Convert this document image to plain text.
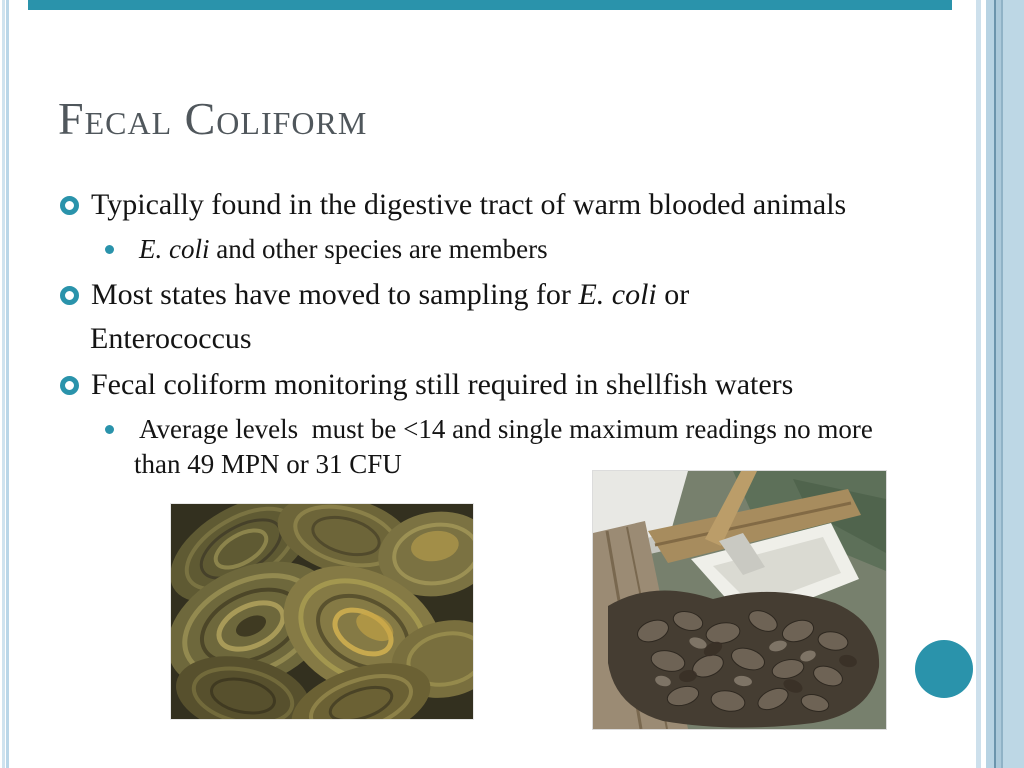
Fecal Coliform
Typically found in the digestive tract of warm blooded animals
E. coli and other species are members
Most states have moved to sampling for E. coli or
Enterococcus
Fecal coliform monitoring still required in shellfish waters
Average levels  must be <14 and single maximum readings no more
than 49 MPN or 31 CFU
